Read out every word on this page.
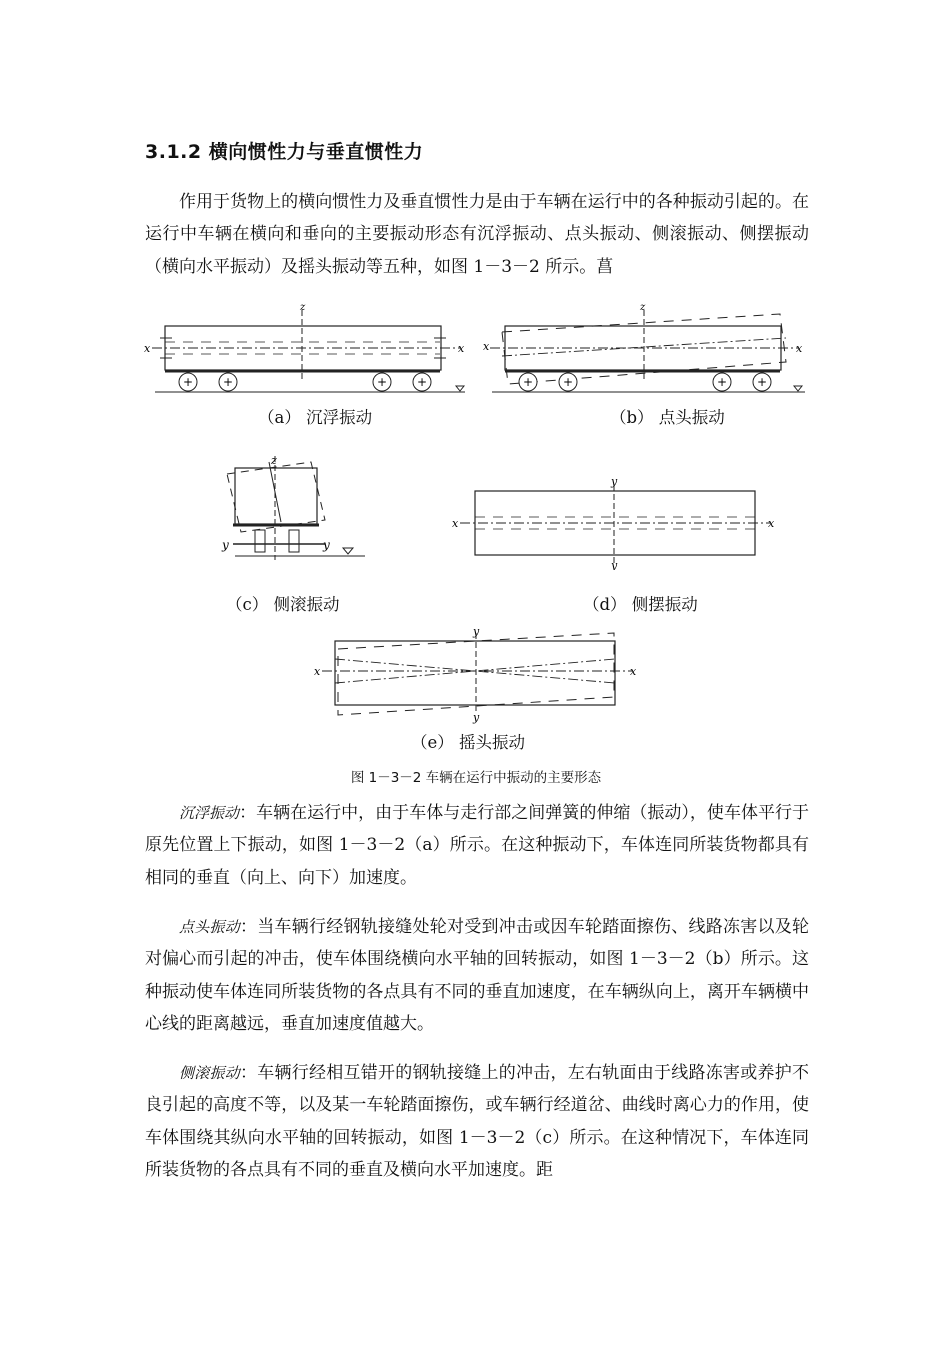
3.1.2 横向惯性力与垂直惯性力
作用于货物上的横向惯性力及垂直惯性力是由于车辆在运行中的各种振动引起的。在运行中车辆在横向和垂向的主要振动形态有沉浮振动、点头振动、侧滚振动、侧摆振动（横向水平振动）及摇头振动等五种，如图 1－3－2 所示。菖
+ +	+ +
x	x
z
（a） 沉浮振动
+ +	+ +
x	x
z
（b） 点头振动
y	y
z
（c） 侧滚振动
x	x
y
y
（d） 侧摆振动
x	x
y
y
（e） 摇头振动
图 1－3－2 车辆在运行中振动的主要形态
沉浮振动：车辆在运行中，由于车体与走行部之间弹簧的伸缩（振动），使车体平行于原先位置上下振动，如图 1－3－2（a）所示。在这种振动下，车体连同所装货物都具有相同的垂直（向上、向下）加速度。
点头振动：当车辆行经钢轨接缝处轮对受到冲击或因车轮踏面擦伤、线路冻害以及轮对偏心而引起的冲击，使车体围绕横向水平轴的回转振动，如图 1－3－2（b）所示。这种振动使车体连同所装货物的各点具有不同的垂直加速度，在车辆纵向上，离开车辆横中心线的距离越远，垂直加速度值越大。
侧滚振动：车辆行经相互错开的钢轨接缝上的冲击，左右轨面由于线路冻害或养护不良引起的高度不等，以及某一车轮踏面擦伤，或车辆行经道岔、曲线时离心力的作用，使车体围绕其纵向水平轴的回转振动，如图 1－3－2（c）所示。在这种情况下，车体连同所装货物的各点具有不同的垂直及横向水平加速度。距
